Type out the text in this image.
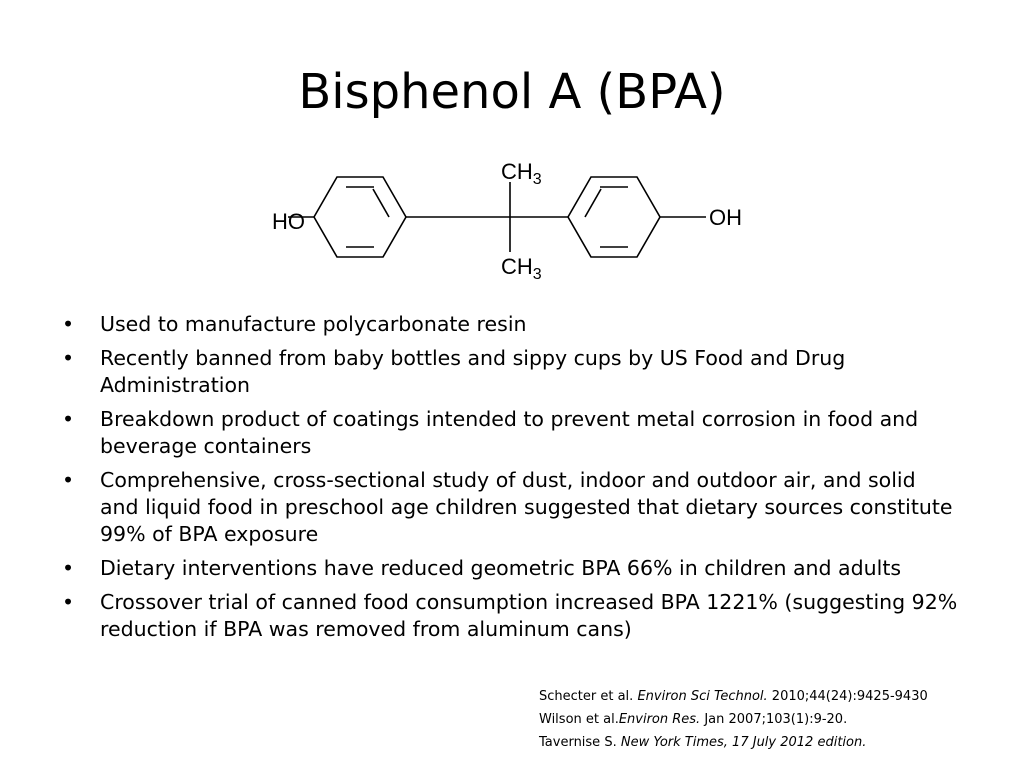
Bisphenol A (BPA)
HO	OH
$CH_3$
$CH_3$
• Used to manufacture polycarbonate resin
• Recently banned from baby bottles and sippy cups by US Food and Drug Administration
• Breakdown product of coatings intended to prevent metal corrosion in food and beverage containers
• Comprehensive, cross-sectional study of dust, indoor and outdoor air, and solid and liquid food in preschool age children suggested that dietary sources constitute 99% of BPA exposure
• Dietary interventions have reduced geometric BPA 66% in children and adults
• Crossover trial of canned food consumption increased BPA 1221% (suggesting 92% reduction if BPA was removed from aluminum cans)
Schecter et al. Environ Sci Technol. 2010;44(24):9425-9430
Wilson et al.Environ Res. Jan 2007;103(1):9-20.
Tavernise S. New York Times, 17 July 2012 edition.
